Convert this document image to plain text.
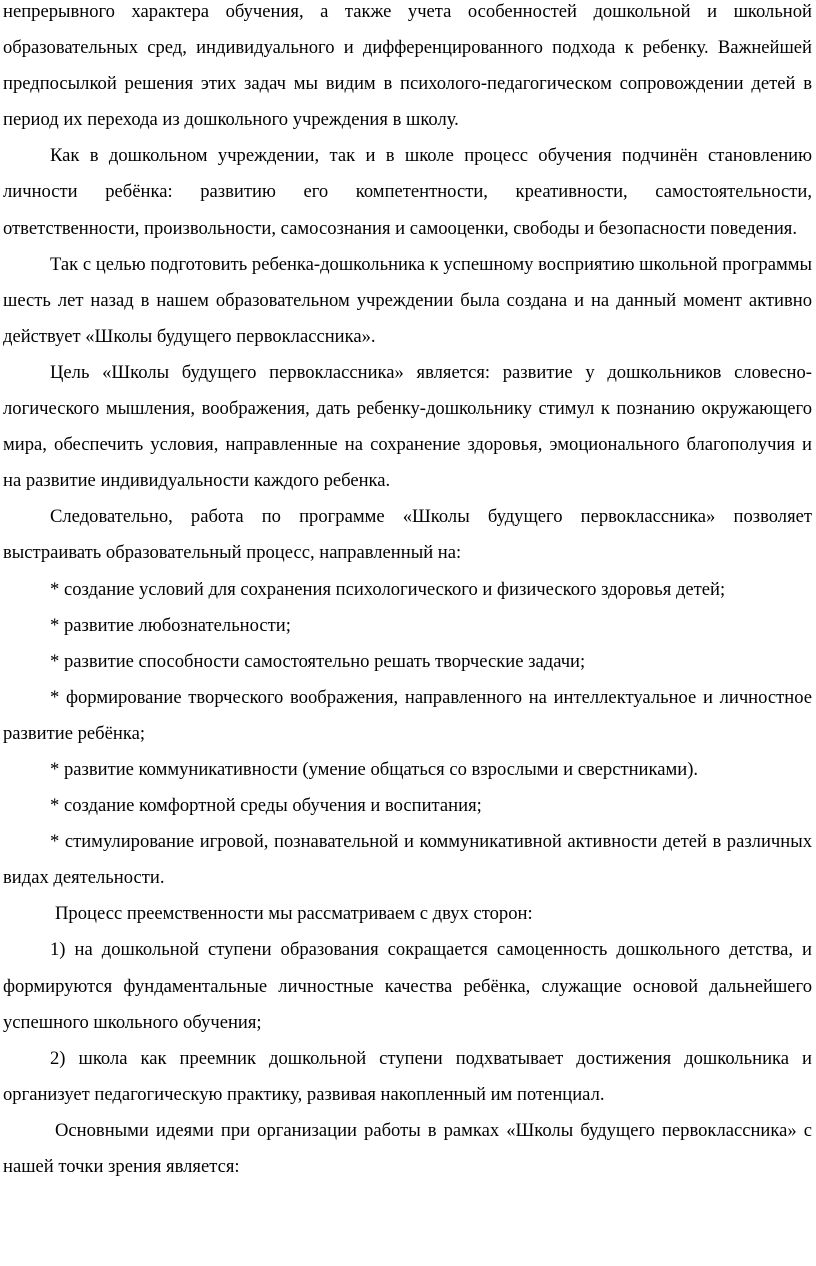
непрерывного характера обучения, а также учета особенностей дошкольной и школьной образовательных сред, индивидуального и дифференцированного подхода к ребенку. Важнейшей предпосылкой решения этих задач мы видим в психолого-педагогическом сопровождении детей в период их перехода из дошкольного учреждения в школу.

Как в дошкольном учреждении, так и в школе процесс обучения подчинён становлению личности ребёнка: развитию его компетентности, креативности, самостоятельности, ответственности, произвольности, самосознания и самооценки, свободы и безопасности поведения.

Так с целью подготовить ребенка-дошкольника к успешному восприятию школьной программы шесть лет назад в нашем образовательном учреждении была создана и на данный момент активно действует «Школы будущего первоклассника».

Цель «Школы будущего первоклассника» является: развитие у дошкольников словесно-логического мышления, воображения, дать ребенку-дошкольнику стимул к познанию окружающего мира, обеспечить условия, направленные на сохранение здоровья, эмоционального благополучия и на развитие индивидуальности каждого ребенка.

Следовательно, работа по программе «Школы будущего первоклассника» позволяет выстраивать образовательный процесс, направленный на:

* создание условий для сохранения психологического и физического здоровья детей;

* развитие любознательности;

* развитие способности самостоятельно решать творческие задачи;

* формирование творческого воображения, направленного на интеллектуальное и личностное развитие ребёнка;

* развитие коммуникативности (умение общаться со взрослыми и сверстниками).

* создание комфортной среды обучения и воспитания;

* стимулирование игровой, познавательной и коммуникативной активности детей в различных видах деятельности.

Процесс преемственности мы рассматриваем с двух сторон:

1) на дошкольной ступени образования сокращается самоценность дошкольного детства, и формируются фундаментальные личностные качества ребёнка, служащие основой дальнейшего успешного школьного обучения;

2) школа как преемник дошкольной ступени подхватывает достижения дошкольника и организует педагогическую практику, развивая накопленный им потенциал.

Основными идеями при организации работы в рамках «Школы будущего первоклассника» с нашей точки зрения является:
